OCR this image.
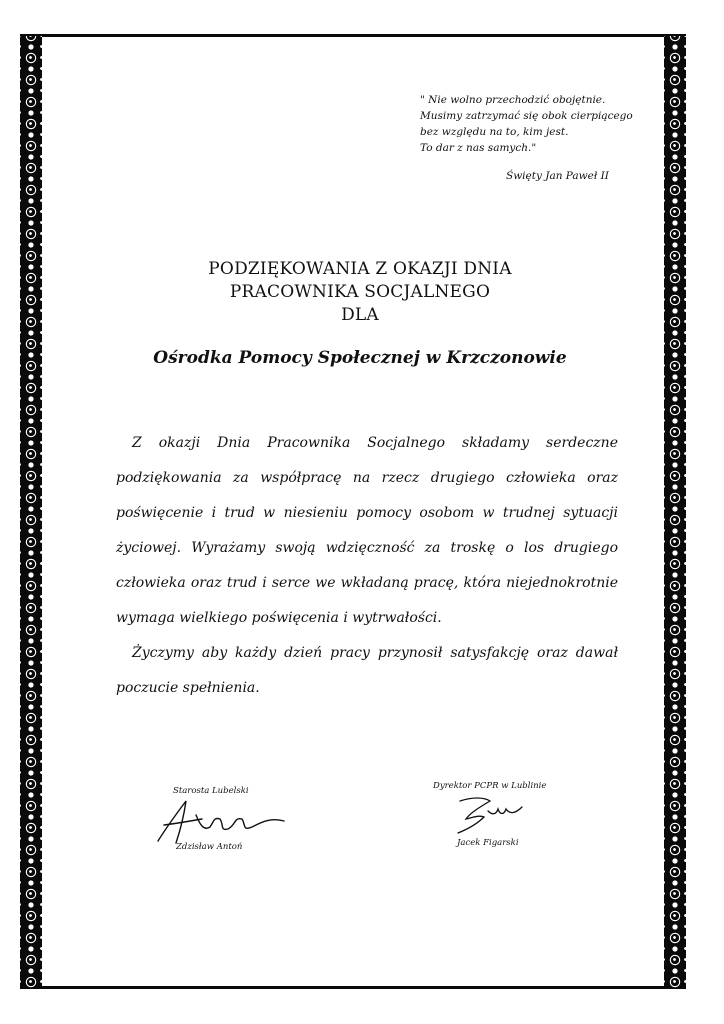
" Nie wolno przechodzić obojętnie.
Musimy zatrzymać się obok cierpiącego
bez względu na to, kim jest.
To dar z nas samych."
Święty Jan Paweł II
PODZIĘKOWANIA Z OKAZJI DNIA
PRACOWNIKA SOCJALNEGO
DLA
Ośrodka Pomocy Społecznej w Krzczonowie

Z okazji Dnia Pracownika Socjalnego składamy serdeczne podziękowania za współpracę na rzecz drugiego człowieka oraz poświęcenie i trud w niesieniu pomocy osobom w trudnej sytuacji życiowej. Wyrażamy swoją wdzięczność za troskę o los drugiego człowieka oraz trud i serce we wkładaną pracę, która niejednokrotnie wymaga wielkiego poświęcenia i wytrwałości.

Życzymy aby każdy dzień pracy przynosił satysfakcję oraz dawał poczucie spełnienia.

Starosta Lubelski
Zdzisław Antoń
Dyrektor PCPR w Lublinie
Jacek Figarski
